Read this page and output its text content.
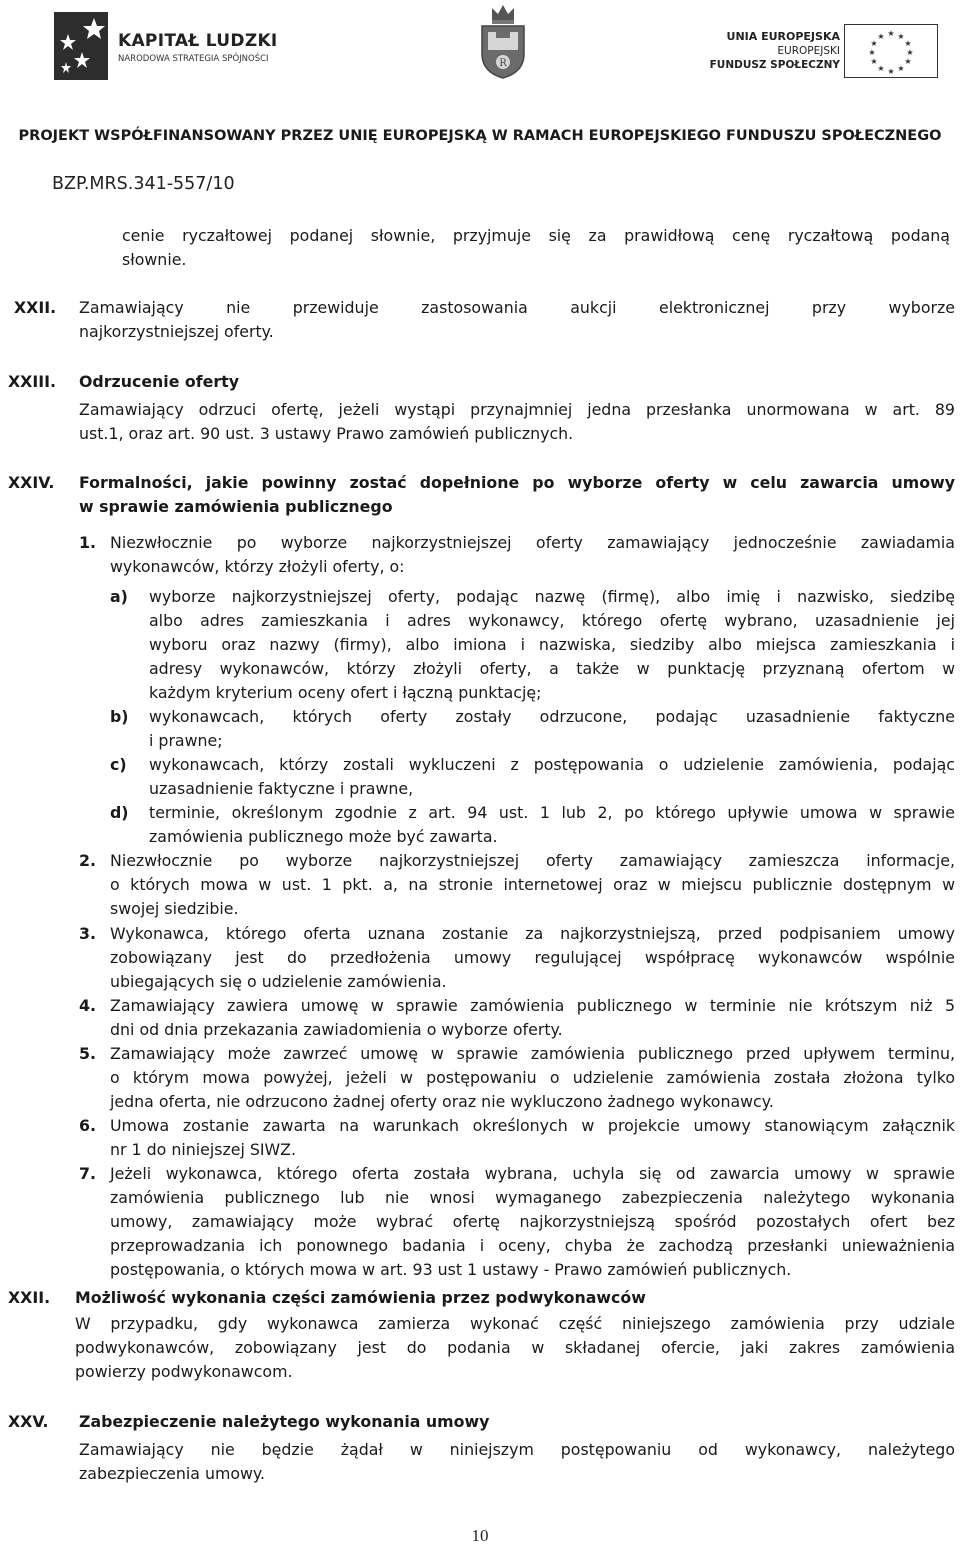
KAPITAŁ LUDZKI
NARODOWA STRATEGIA SPÓJNOŚCI	R
UNIA EUROPEJSKA
EUROPEJSKI
FUNDUSZ SPOŁECZNY
★ ★
★
★
★
★
★
★
★
★
★
★
PROJEKT WSPÓŁFINANSOWANY PRZEZ UNIĘ EUROPEJSKĄ W RAMACH EUROPEJSKIEGO FUNDUSZU SPOŁECZNEGO
BZP.MRS.341-557/10
cenie ryczałtowej podanej słownie, przyjmuje się za prawidłową cenę ryczałtową podaną
słownie.
XXII. Zamawiający nie przewiduje zastosowania aukcji elektronicznej przy wyborze
najkorzystniejszej oferty.
XXIII. Odrzucenie oferty
Zamawiający odrzuci ofertę, jeżeli wystąpi przynajmniej jedna przesłanka unormowana w art. 89
ust.1, oraz art. 90 ust. 3 ustawy Prawo zamówień publicznych.
XXIV. Formalności, jakie powinny zostać dopełnione po wyborze oferty w celu zawarcia umowy
w sprawie zamówienia publicznego
1. Niezwłocznie po wyborze najkorzystniejszej oferty zamawiający jednocześnie zawiadamia
wykonawców, którzy złożyli oferty, o:
a) wyborze najkorzystniejszej oferty, podając nazwę (firmę), albo imię i nazwisko, siedzibę
albo adres zamieszkania i adres wykonawcy, którego ofertę wybrano, uzasadnienie jej
wyboru oraz nazwy (firmy), albo imiona i nazwiska, siedziby albo miejsca zamieszkania i
adresy wykonawców, którzy złożyli oferty, a także w punktację przyznaną ofertom w
każdym kryterium oceny ofert i łączną punktację;
b) wykonawcach, których oferty zostały odrzucone, podając uzasadnienie faktyczne
i prawne;
c) wykonawcach, którzy zostali wykluczeni z postępowania o udzielenie zamówienia, podając
uzasadnienie faktyczne i prawne,
d) terminie, określonym zgodnie z art. 94 ust. 1 lub 2, po którego upływie umowa w sprawie
zamówienia publicznego może być zawarta.
2. Niezwłocznie po wyborze najkorzystniejszej oferty zamawiający zamieszcza informacje,
o których mowa w ust. 1 pkt. a, na stronie internetowej oraz w miejscu publicznie dostępnym w
swojej siedzibie.
3. Wykonawca, którego oferta uznana zostanie za najkorzystniejszą, przed podpisaniem umowy
zobowiązany jest do przedłożenia umowy regulującej współpracę wykonawców wspólnie
ubiegających się o udzielenie zamówienia.
4. Zamawiający zawiera umowę w sprawie zamówienia publicznego w terminie nie krótszym niż 5
dni od dnia przekazania zawiadomienia o wyborze oferty.
5. Zamawiający może zawrzeć umowę w sprawie zamówienia publicznego przed upływem terminu,
o którym mowa powyżej, jeżeli w postępowaniu o udzielenie zamówienia została złożona tylko
jedna oferta, nie odrzucono żadnej oferty oraz nie wykluczono żadnego wykonawcy.
6. Umowa zostanie zawarta na warunkach określonych w projekcie umowy stanowiącym załącznik
nr 1 do niniejszej SIWZ.
7. Jeżeli wykonawca, którego oferta została wybrana, uchyla się od zawarcia umowy w sprawie
zamówienia publicznego lub nie wnosi wymaganego zabezpieczenia należytego wykonania
umowy, zamawiający może wybrać ofertę najkorzystniejszą spośród pozostałych ofert bez
przeprowadzania ich ponownego badania i oceny, chyba że zachodzą przesłanki unieważnienia
postępowania, o których mowa w art. 93 ust 1 ustawy - Prawo zamówień publicznych.
XXII. Możliwość wykonania części zamówienia przez podwykonawców
W przypadku, gdy wykonawca zamierza wykonać część niniejszego zamówienia przy udziale
podwykonawców, zobowiązany jest do podania w składanej ofercie, jaki zakres zamówienia
powierzy podwykonawcom.
XXV. Zabezpieczenie należytego wykonania umowy
Zamawiający nie będzie żądał w niniejszym postępowaniu od wykonawcy, należytego
zabezpieczenia umowy.
10
